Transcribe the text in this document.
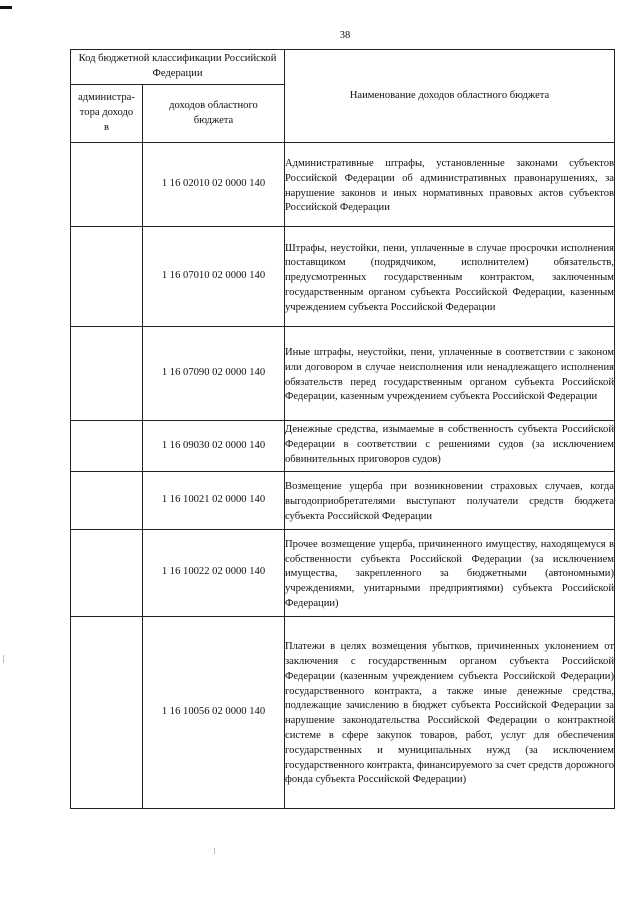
38
Код бюджетной классификации Российской Федерации		Наименование доходов областного бюджета

администра-тора доходов	доходов областного бюджета	

	1 16 02010 02 0000 140	Административные штрафы, установленные законами субъектов Российской Федерации об административных правонарушениях, за нарушение законов и иных нормативных правовых актов субъектов Российской Федерации

	1 16 07010 02 0000 140	Штрафы, неустойки, пени, уплаченные в случае просрочки исполнения поставщиком (подрядчиком, исполнителем) обязательств, предусмотренных государственным контрактом, заключенным государственным органом субъекта Российской Федерации, казенным учреждением субъекта Российской Федерации

	1 16 07090 02 0000 140	Иные штрафы, неустойки, пени, уплаченные в соответствии с законом или договором в случае неисполнения или ненадлежащего исполнения обязательств перед государственным органом субъекта Российской Федерации, казенным учреждением субъекта Российской Федерации

	1 16 09030 02 0000 140	Денежные средства, изымаемые в собственность субъекта Российской Федерации в соответствии с решениями судов (за исключением обвинительных приговоров судов)

	1 16 10021 02 0000 140	Возмещение ущерба при возникновении страховых случаев, когда выгодоприобретателями выступают получатели средств бюджета субъекта Российской Федерации

	1 16 10022 02 0000 140	Прочее возмещение ущерба, причиненного имуществу, находящемуся в собственности субъекта Российской Федерации (за исключением имущества, закрепленного за бюджетными (автономными) учреждениями, унитарными предприятиями) субъекта Российской Федерации)

	1 16 10056 02 0000 140	Платежи в целях возмещения убытков, причиненных уклонением от заключения с государственным органом субъекта Российской Федерации (казенным учреждением субъекта Российской Федерации) государственного контракта, а также иные денежные средства, подлежащие зачислению в бюджет субъекта Российской Федерации за нарушение законодательства Российской Федерации о контрактной системе в сфере закупок товаров, работ, услуг для обеспечения государственных и муниципальных нужд (за исключением государственного контракта, финансируемого за счет средств дорожного фонда субъекта Российской Федерации)
